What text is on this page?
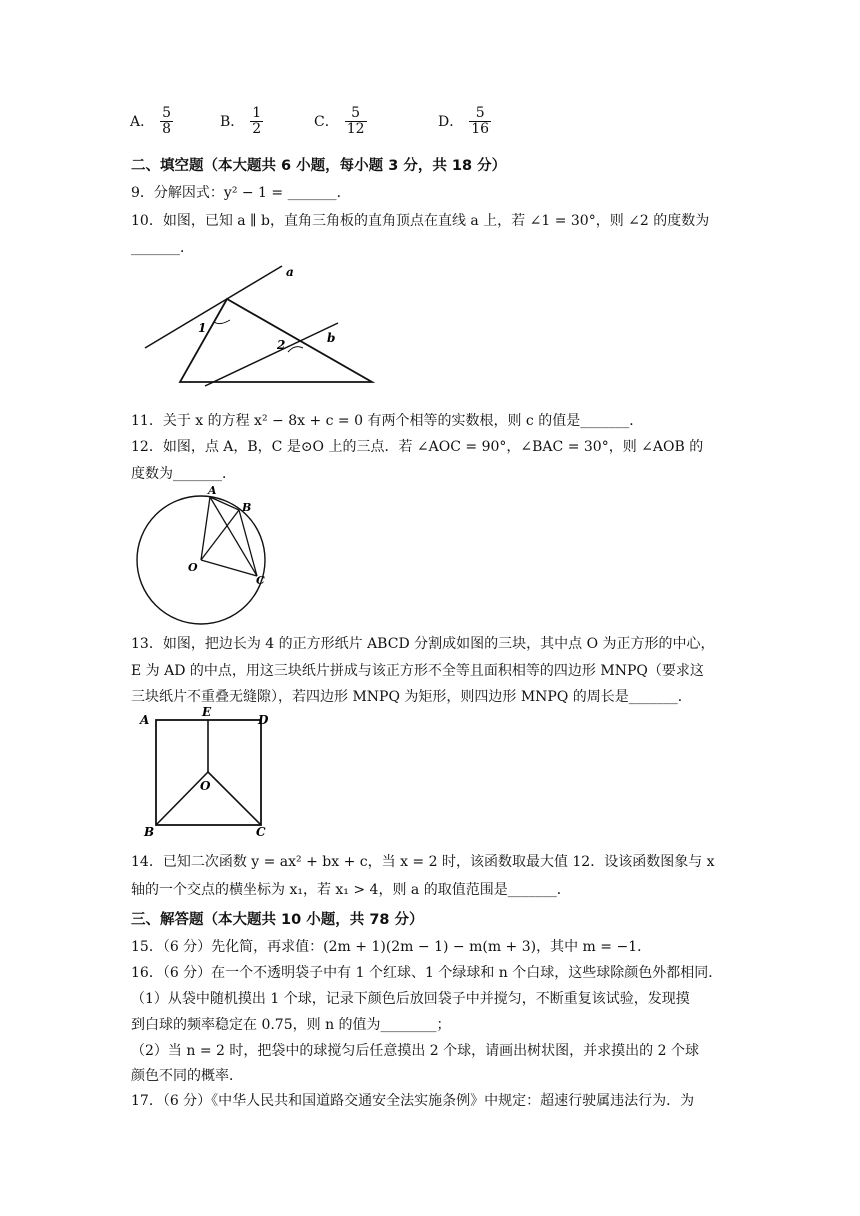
A． $\frac{5}{8}$	B． $\frac{1}{2}$	C． $\frac{5}{12}$	D． $\frac{5}{16}$
二、填空题（本大题共 6 小题，每小题 3 分，共 18 分）
9．分解因式：y² − 1 = _______．
10．如图，已知 a ∥ b，直角三角板的直角顶点在直线 a 上，若 ∠1 = 30°，则 ∠2 的度数为
_______．
a
b
1
2
11．关于 x 的方程 x² − 8x + c = 0 有两个相等的实数根，则 c 的值是_______．
12．如图，点 A，B，C 是⊙O 上的三点．若 ∠AOC = 90°，∠BAC = 30°，则 ∠AOB 的
度数为_______．
A
B
C
O
13．如图，把边长为 4 的正方形纸片 ABCD 分割成如图的三块，其中点 O 为正方形的中心，
E 为 AD 的中点，用这三块纸片拼成与该正方形不全等且面积相等的四边形 MNPQ（要求这
三块纸片不重叠无缝隙），若四边形 MNPQ 为矩形，则四边形 MNPQ 的周长是_______．
A
E
D
O
B	C
14．已知二次函数 y = ax² + bx + c，当 x = 2 时，该函数取最大值 12．设该函数图象与 x
轴的一个交点的横坐标为 x₁，若 x₁ > 4，则 a 的取值范围是_______．
三、解答题（本大题共 10 小题，共 78 分）
15．（6 分）先化简，再求值：(2m + 1)(2m − 1) − m(m + 3)，其中 m = −1．
16．（6 分）在一个不透明袋子中有 1 个红球、1 个绿球和 n 个白球，这些球除颜色外都相同．
（1）从袋中随机摸出 1 个球，记录下颜色后放回袋子中并搅匀，不断重复该试验，发现摸
到白球的频率稳定在 0.75，则 n 的值为________；
（2）当 n = 2 时，把袋中的球搅匀后任意摸出 2 个球，请画出树状图，并求摸出的 2 个球
颜色不同的概率．
17．（6 分）《中华人民共和国道路交通安全法实施条例》中规定：超速行驶属违法行为．为
